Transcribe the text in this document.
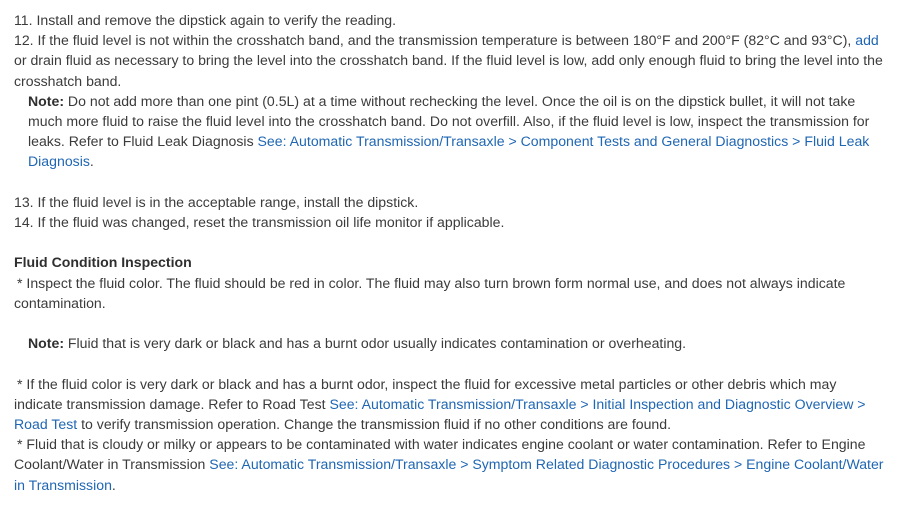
11. Install and remove the dipstick again to verify the reading.

12. If the fluid level is not within the crosshatch band, and the transmission temperature is between 180°F and 200°F (82°C and 93°C), add or drain fluid as necessary to bring the level into the crosshatch band. If the fluid level is low, add only enough fluid to bring the level into the crosshatch band.

Note: Do not add more than one pint (0.5L) at a time without rechecking the level. Once the oil is on the dipstick bullet, it will not take much more fluid to raise the fluid level into the crosshatch band. Do not overfill. Also, if the fluid level is low, inspect the transmission for leaks. Refer to Fluid Leak Diagnosis See: Automatic Transmission/Transaxle > Component Tests and General Diagnostics > Fluid Leak Diagnosis.

13. If the fluid level is in the acceptable range, install the dipstick.

14. If the fluid was changed, reset the transmission oil life monitor if applicable.

Fluid Condition Inspection

* Inspect the fluid color. The fluid should be red in color. The fluid may also turn brown form normal use, and does not always indicate contamination.

Note: Fluid that is very dark or black and has a burnt odor usually indicates contamination or overheating.

* If the fluid color is very dark or black and has a burnt odor, inspect the fluid for excessive metal particles or other debris which may indicate transmission damage. Refer to Road Test See: Automatic Transmission/Transaxle > Initial Inspection and Diagnostic Overview > Road Test to verify transmission operation. Change the transmission fluid if no other conditions are found.

* Fluid that is cloudy or milky or appears to be contaminated with water indicates engine coolant or water contamination. Refer to Engine Coolant/Water in Transmission See: Automatic Transmission/Transaxle > Symptom Related Diagnostic Procedures > Engine Coolant/Water in Transmission.
